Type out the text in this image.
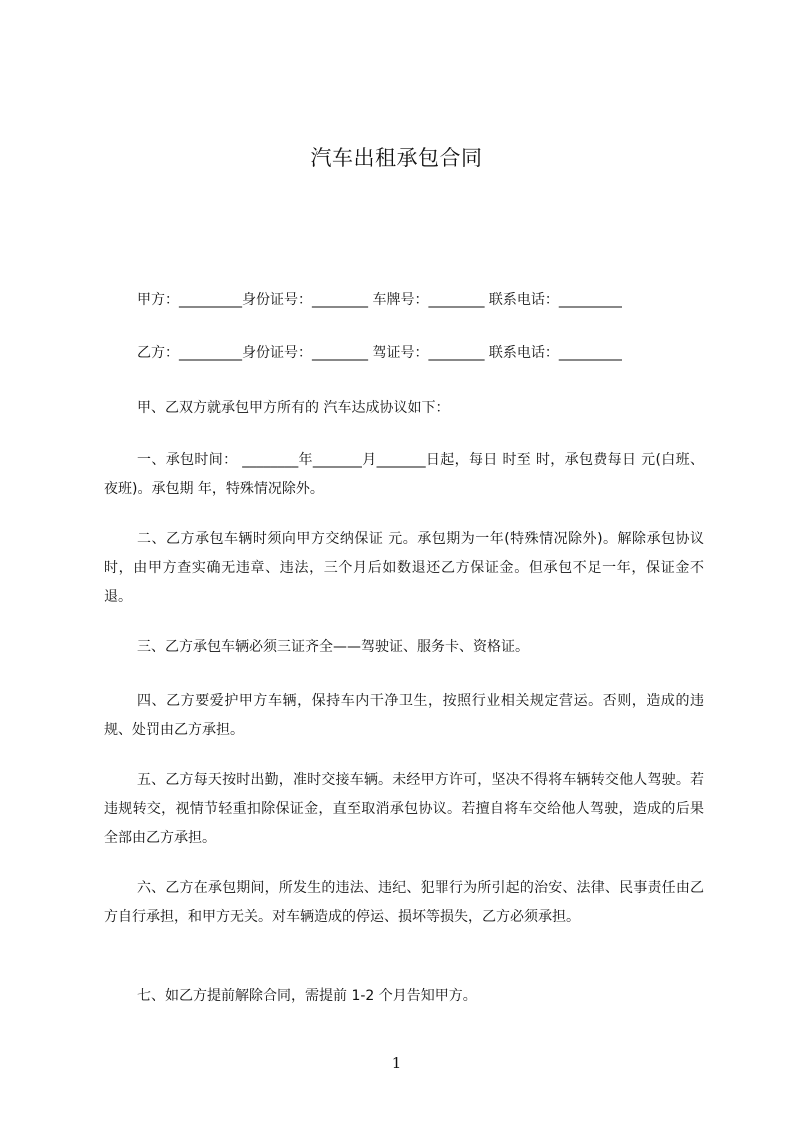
汽车出租承包合同

甲方：_________身份证号：________ 车牌号：________ 联系电话：_________

乙方：_________身份证号：________ 驾证号：________ 联系电话：_________

甲、乙双方就承包甲方所有的 汽车达成协议如下：

一、承包时间： ________年_______月_______日起，每日 时至 时，承包费每日 元(白班、夜班)。承包期 年，特殊情况除外。

二、乙方承包车辆时须向甲方交纳保证 元。承包期为一年(特殊情况除外)。解除承包协议时，由甲方查实确无违章、违法，三个月后如数退还乙方保证金。但承包不足一年，保证金不退。

三、乙方承包车辆必须三证齐全——驾驶证、服务卡、资格证。

四、乙方要爱护甲方车辆，保持车内干净卫生，按照行业相关规定营运。否则，造成的违规、处罚由乙方承担。

五、乙方每天按时出勤，准时交接车辆。未经甲方许可，坚决不得将车辆转交他人驾驶。若违规转交，视情节轻重扣除保证金，直至取消承包协议。若擅自将车交给他人驾驶，造成的后果全部由乙方承担。

六、乙方在承包期间，所发生的违法、违纪、犯罪行为所引起的治安、法律、民事责任由乙方自行承担，和甲方无关。对车辆造成的停运、损坏等损失，乙方必须承担。

七、如乙方提前解除合同，需提前 1-2 个月告知甲方。

1
